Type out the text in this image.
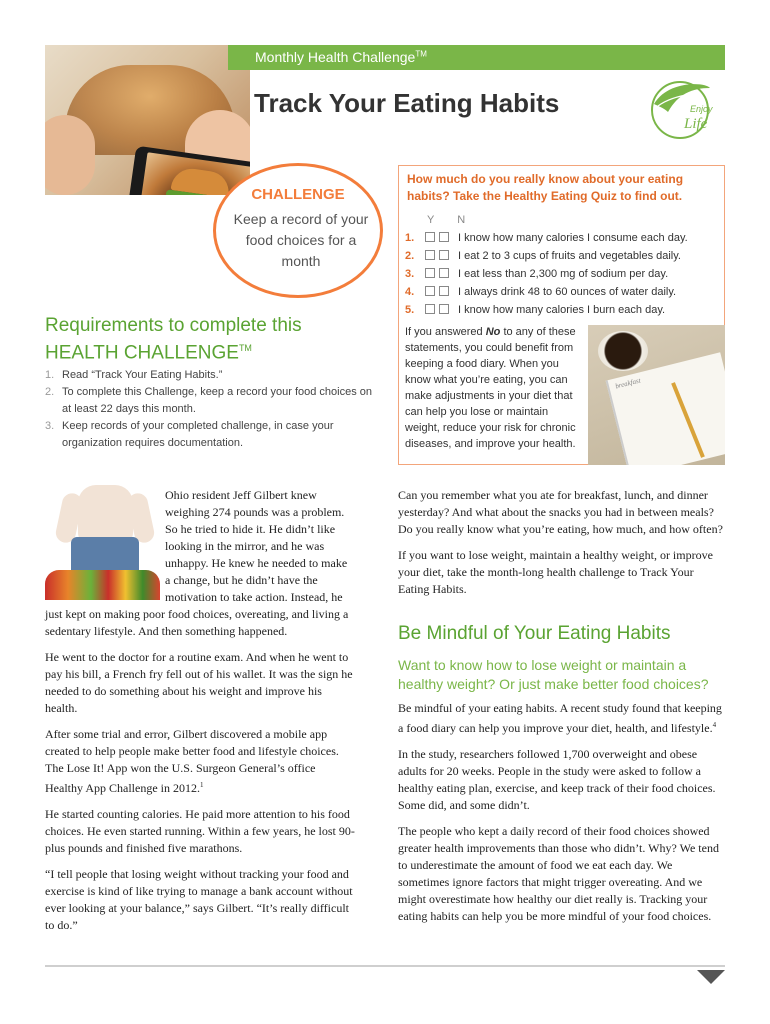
Monthly Health Challenge™
Track Your Eating Habits	Enjoy
Life
CHALLENGE
Keep a record of your food choices for a month
How much do you really know about your eating habits? Take the Healthy Eating Quiz to find out.
Y N
1.	I know how many calories I consume each day.
2.	I eat 2 to 3 cups of fruits and vegetables daily.
3.	I eat less than 2,300 mg of sodium per day.
4.	I always drink 48 to 60 ounces of water daily.
5.	I know how many calories I burn each day.
If you answered No to any of these statements, you could benefit from keeping a food diary. When you know what you’re eating, you can make adjustments in your diet that can help you lose or maintain weight, reduce your risk for chronic diseases, and improve your health.
breakfast
Requirements to complete this HEALTH CHALLENGE™
1. Read “Track Your Eating Habits.”
2. To complete this Challenge, keep a record your food choices on at least 22 days this month.
3. Keep records of your completed challenge, in case your organization requires documentation.

Ohio resident Jeff Gilbert knew weighing 274 pounds was a problem. So he tried to hide it. He didn’t like looking in the mirror, and he was unhappy. He knew he needed to make a change, but he didn’t have the motivation to take action. Instead, he just kept on making poor food choices, overeating, and living a sedentary lifestyle. And then something happened.

He went to the doctor for a routine exam. And when he went to pay his bill, a French fry fell out of his wallet. It was the sign he needed to do something about his weight and improve his health.

After some trial and error, Gilbert discovered a mobile app created to help people make better food and lifestyle choices. The Lose It! App won the U.S. Surgeon General’s office Healthy App Challenge in 2012.$^1$

He started counting calories. He paid more attention to his food choices. He even started running. Within a few years, he lost 90-plus pounds and finished five marathons.

“I tell people that losing weight without tracking your food and exercise is kind of like trying to manage a bank account without ever looking at your balance,” says Gilbert. “It’s really difficult to do.”

Can you remember what you ate for breakfast, lunch, and dinner yesterday? And what about the snacks you had in between meals? Do you really know what you’re eating, how much, and how often?

If you want to lose weight, maintain a healthy weight, or improve your diet, take the month-long health challenge to Track Your Eating Habits.

Be Mindful of Your Eating Habits
Want to know how to lose weight or maintain a healthy weight? Or just make better food choices?

Be mindful of your eating habits. A recent study found that keeping a food diary can help you improve your diet, health, and lifestyle.$^4$

In the study, researchers followed 1,700 overweight and obese adults for 20 weeks. People in the study were asked to follow a healthy eating plan, exercise, and keep track of their food choices. Some did, and some didn’t.

The people who kept a daily record of their food choices showed greater health improvements than those who didn’t. Why? We tend to underestimate the amount of food we eat each day. We sometimes ignore factors that might trigger overeating. And we might overestimate how healthy our diet really is. Tracking your eating habits can help you be more mindful of your food choices.
